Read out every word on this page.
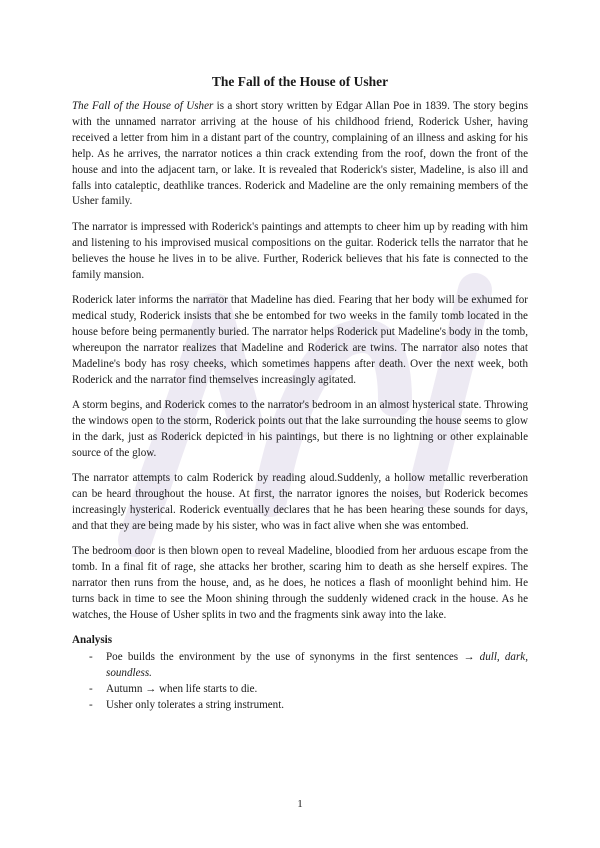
The Fall of the House of Usher

The Fall of the House of Usher is a short story written by Edgar Allan Poe in 1839. The story begins with the unnamed narrator arriving at the house of his childhood friend, Roderick Usher, having received a letter from him in a distant part of the country, complaining of an illness and asking for his help. As he arrives, the narrator notices a thin crack extending from the roof, down the front of the house and into the adjacent tarn, or lake. It is revealed that Roderick's sister, Madeline, is also ill and falls into cataleptic, deathlike trances. Roderick and Madeline are the only remaining members of the Usher family.

The narrator is impressed with Roderick's paintings and attempts to cheer him up by reading with him and listening to his improvised musical compositions on the guitar. Roderick tells the narrator that he believes the house he lives in to be alive. Further, Roderick believes that his fate is connected to the family mansion.

Roderick later informs the narrator that Madeline has died. Fearing that her body will be exhumed for medical study, Roderick insists that she be entombed for two weeks in the family tomb located in the house before being permanently buried. The narrator helps Roderick put Madeline's body in the tomb, whereupon the narrator realizes that Madeline and Roderick are twins. The narrator also notes that Madeline's body has rosy cheeks, which sometimes happens after death. Over the next week, both Roderick and the narrator find themselves increasingly agitated.

A storm begins, and Roderick comes to the narrator's bedroom in an almost hysterical state. Throwing the windows open to the storm, Roderick points out that the lake surrounding the house seems to glow in the dark, just as Roderick depicted in his paintings, but there is no lightning or other explainable source of the glow.

The narrator attempts to calm Roderick by reading aloud.Suddenly, a hollow metallic reverberation can be heard throughout the house. At first, the narrator ignores the noises, but Roderick becomes increasingly hysterical. Roderick eventually declares that he has been hearing these sounds for days, and that they are being made by his sister, who was in fact alive when she was entombed.

The bedroom door is then blown open to reveal Madeline, bloodied from her arduous escape from the tomb. In a final fit of rage, she attacks her brother, scaring him to death as she herself expires. The narrator then runs from the house, and, as he does, he notices a flash of moonlight behind him. He turns back in time to see the Moon shining through the suddenly widened crack in the house. As he watches, the House of Usher splits in two and the fragments sink away into the lake.

Analysis
- Poe builds the environment by the use of synonyms in the first sentences → dull, dark, soundless.
- Autumn → when life starts to die.
- Usher only tolerates a string instrument.
1
